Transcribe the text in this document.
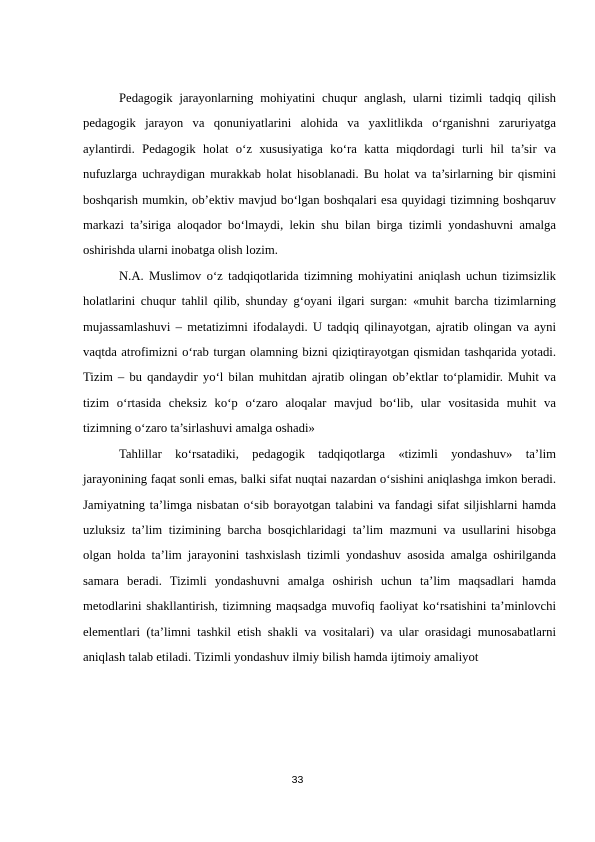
Pedagogik jarayonlarning mohiyatini chuqur anglash, ularni tizimli tadqiq qilish pedagogik jarayon va qonuniyatlarini alohida va yaxlitlikda o‘rganishni zaruriyatga aylantirdi. Pedagogik holat o‘z xususiyatiga ko‘ra katta miqdordagi turli hil ta’sir va nufuzlarga uchraydigan murakkab holat hisoblanadi. Bu holat va ta’sirlarning bir qismini boshqarish mumkin, ob’ektiv mavjud bo‘lgan boshqalari esa quyidagi tizimning boshqaruv markazi ta’siriga aloqador bo‘lmaydi, lekin shu bilan birga tizimli yondashuvni amalga oshirishda ularni inobatga olish lozim.

N.A. Muslimov o‘z tadqiqotlarida tizimning mohiyatini aniqlash uchun tizimsizlik holatlarini chuqur tahlil qilib, shunday g‘oyani ilgari surgan: «muhit barcha tizimlarning mujassamlashuvi – metatizimni ifodalaydi. U tadqiq qilinayotgan, ajratib olingan va ayni vaqtda atrofimizni o‘rab turgan olamning bizni qiziqtirayotgan qismidan tashqarida yotadi. Tizim – bu qandaydir yo‘l bilan muhitdan ajratib olingan ob’ektlar to‘plamidir. Muhit va tizim o‘rtasida cheksiz ko‘p o‘zaro aloqalar mavjud bo‘lib, ular vositasida muhit va tizimning o‘zaro ta’sirlashuvi amalga oshadi»

Tahlillar ko‘rsatadiki, pedagogik tadqiqotlarga «tizimli yondashuv» ta’lim jarayonining faqat sonli emas, balki sifat nuqtai nazardan o‘sishini aniqlashga imkon beradi. Jamiyatning ta’limga nisbatan o‘sib borayotgan talabini va fandagi sifat siljishlarni hamda uzluksiz ta’lim tizimining barcha bosqichlaridagi ta’lim mazmuni va usullarini hisobga olgan holda ta’lim jarayonini tashxislash tizimli yondashuv asosida amalga oshirilganda samara beradi. Tizimli yondashuvni amalga oshirish uchun ta’lim maqsadlari hamda metodlarini shakllantirish, tizimning maqsadga muvofiq faoliyat ko‘rsatishini ta’minlovchi elementlari (ta’limni tashkil etish shakli va vositalari) va ular orasidagi munosabatlarni aniqlash talab etiladi. Tizimli yondashuv ilmiy bilish hamda ijtimoiy amaliyot

33
